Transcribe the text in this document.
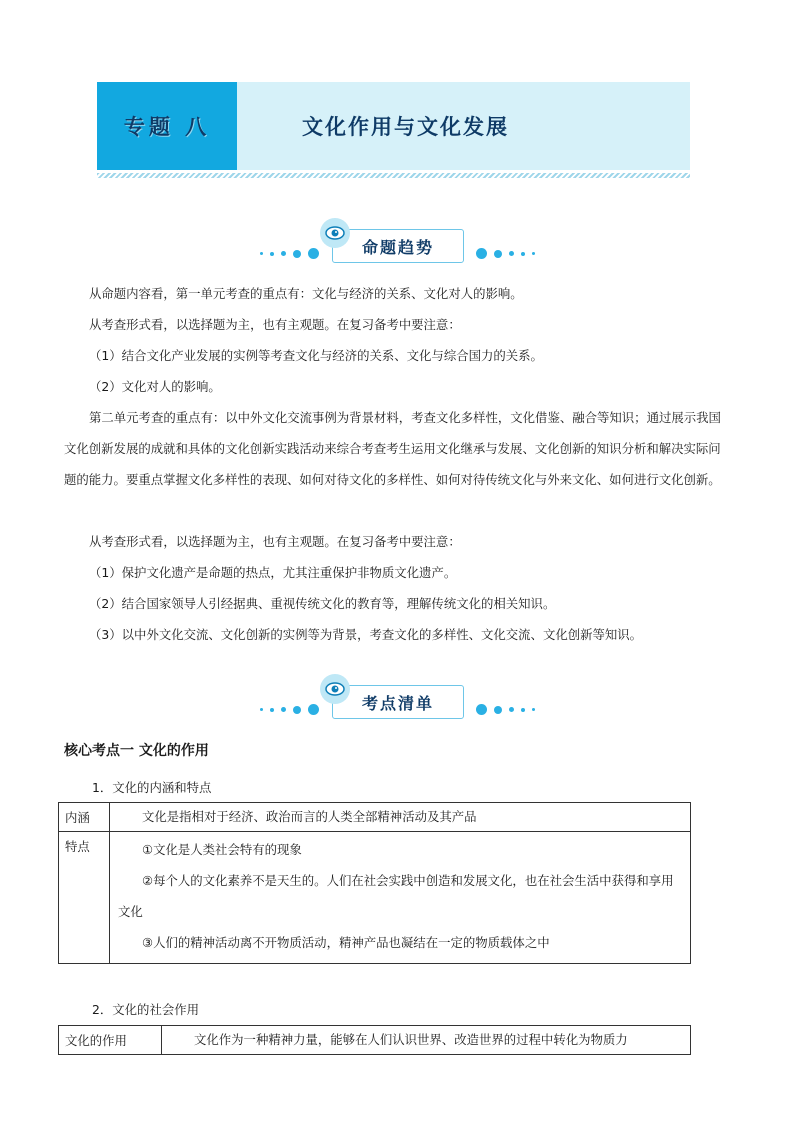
专题 八	文化作用与文化发展
命题趋势

从命题内容看，第一单元考查的重点有：文化与经济的关系、文化对人的影响。

从考查形式看，以选择题为主，也有主观题。在复习备考中要注意：

（1）结合文化产业发展的实例等考查文化与经济的关系、文化与综合国力的关系。

（2）文化对人的影响。

第二单元考查的重点有：以中外文化交流事例为背景材料，考查文化多样性，文化借鉴、融合等知识；通过展示我国文化创新发展的成就和具体的文化创新实践活动来综合考查考生运用文化继承与发展、文化创新的知识分析和解决实际问题的能力。要重点掌握文化多样性的表现、如何对待文化的多样性、如何对待传统文化与外来文化、如何进行文化创新。

从考查形式看，以选择题为主，也有主观题。在复习备考中要注意：

（1）保护文化遗产是命题的热点，尤其注重保护非物质文化遗产。

（2）结合国家领导人引经据典、重视传统文化的教育等，理解传统文化的相关知识。

（3）以中外文化交流、文化创新的实例等为背景，考查文化的多样性、文化交流、文化创新等知识。

考点清单

核心考点一 文化的作用

1．文化的内涵和特点

内涵	文化是指相对于经济、政治而言的人类全部精神活动及其产品

特点	①文化是人类社会特有的现象

②每个人的文化素养不是天生的。人们在社会实践中创造和发展文化，也在社会生活中获得和享用文化

③人们的精神活动离不开物质活动，精神产品也凝结在一定的物质载体之中

2．文化的社会作用

文化的作用	文化作为一种精神力量，能够在人们认识世界、改造世界的过程中转化为物质力
